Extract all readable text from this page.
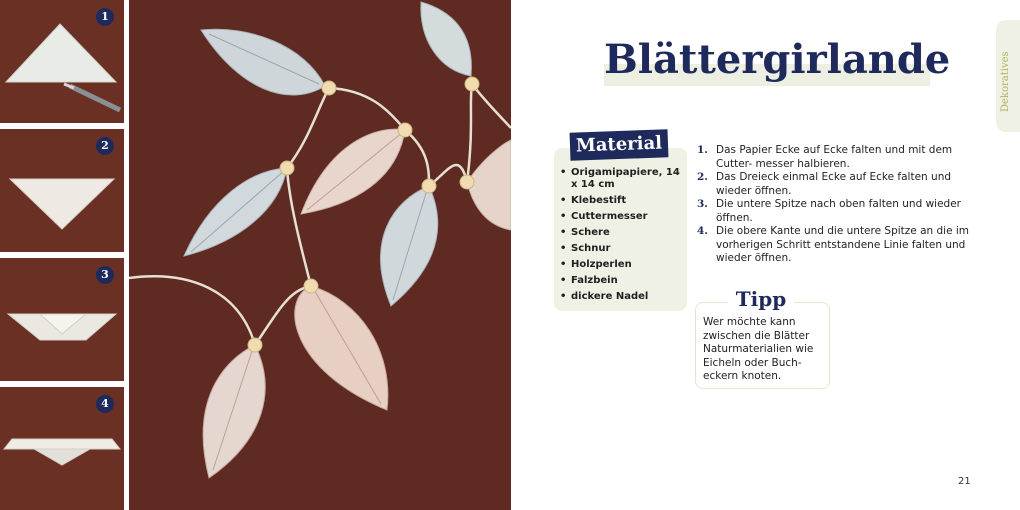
1
2
3
4
Blättergirlande	Dekoratives
Material
• Origamipapiere, 14 x 14 cm
• Klebestift
• Cuttermesser
• Schere
• Schnur
• Holzperlen
• Falzbein
• dickere Nadel
1. Das Papier Ecke auf Ecke falten und mit dem Cutter- messer halbieren.
2. Das Dreieck einmal Ecke auf Ecke falten und wieder öffnen.
3. Die untere Spitze nach oben falten und wieder öffnen.
4. Die obere Kante und die untere Spitze an die im vorherigen Schritt entstandene Linie falten und wieder öffnen.
Tipp
Wer möchte kann zwischen die Blätter Naturmaterialien wie Eicheln oder Buch- eckern knoten.
21
